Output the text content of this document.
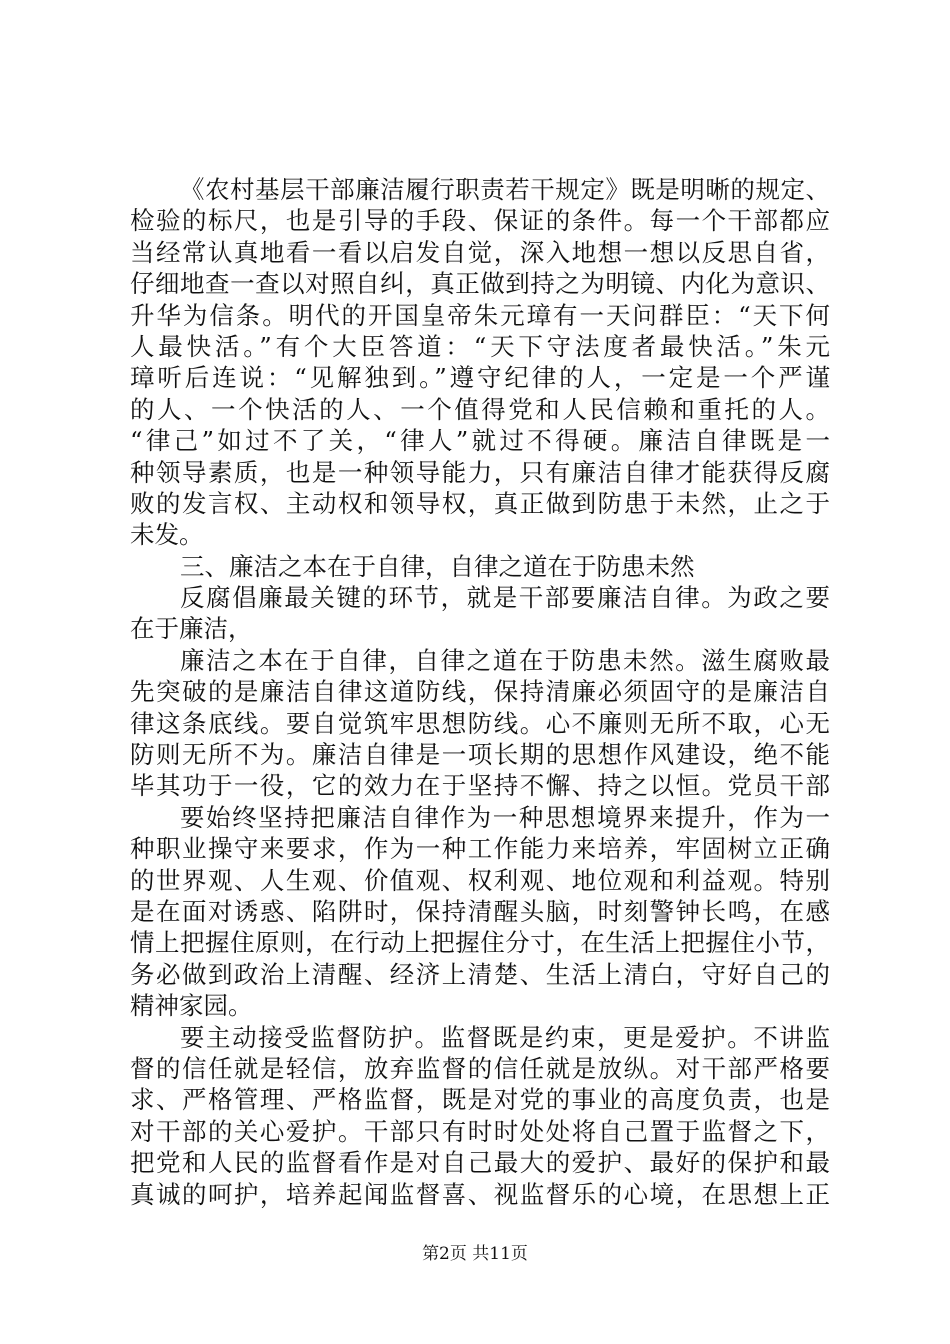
《农村基层干部廉洁履行职责若干规定》既是明晰的规定、
检验的标尺，也是引导的手段、保证的条件。每一个干部都应
当经常认真地看一看以启发自觉，深入地想一想以反思自省，
仔细地查一查以对照自纠，真正做到持之为明镜、内化为意识、
升华为信条。明代的开国皇帝朱元璋有一天问群臣：“天下何
人最快活。”有个大臣答道：“天下守法度者最快活。”朱元
璋听后连说：“见解独到。”遵守纪律的人，一定是一个严谨
的人、一个快活的人、一个值得党和人民信赖和重托的人。
“律己”如过不了关，“律人”就过不得硬。廉洁自律既是一
种领导素质，也是一种领导能力，只有廉洁自律才能获得反腐
败的发言权、主动权和领导权，真正做到防患于未然，止之于
未发。
三、廉洁之本在于自律，自律之道在于防患未然
反腐倡廉最关键的环节，就是干部要廉洁自律。为政之要
在于廉洁，
廉洁之本在于自律，自律之道在于防患未然。滋生腐败最
先突破的是廉洁自律这道防线，保持清廉必须固守的是廉洁自
律这条底线。要自觉筑牢思想防线。心不廉则无所不取，心无
防则无所不为。廉洁自律是一项长期的思想作风建设，绝不能
毕其功于一役，它的效力在于坚持不懈、持之以恒。党员干部
要始终坚持把廉洁自律作为一种思想境界来提升，作为一
种职业操守来要求，作为一种工作能力来培养，牢固树立正确
的世界观、人生观、价值观、权利观、地位观和利益观。特别
是在面对诱惑、陷阱时，保持清醒头脑，时刻警钟长鸣，在感
情上把握住原则，在行动上把握住分寸，在生活上把握住小节，
务必做到政治上清醒、经济上清楚、生活上清白，守好自己的
精神家园。
要主动接受监督防护。监督既是约束，更是爱护。不讲监
督的信任就是轻信，放弃监督的信任就是放纵。对干部严格要
求、严格管理、严格监督，既是对党的事业的高度负责，也是
对干部的关心爱护。干部只有时时处处将自己置于监督之下，
把党和人民的监督看作是对自己最大的爱护、最好的保护和最
真诚的呵护，培养起闻监督喜、视监督乐的心境，在思想上正
第2页 共11页
